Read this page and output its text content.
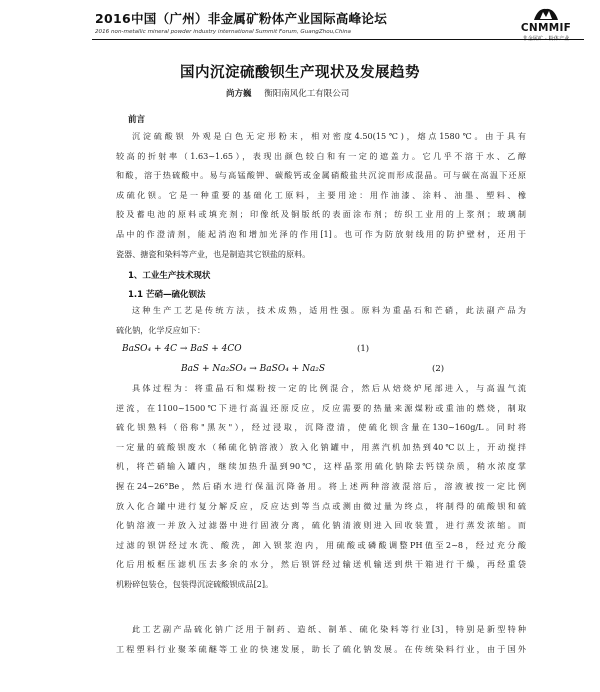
2016中国（广州）非金属矿粉体产业国际高峰论坛
2016 non-metallic mineral powder industry international Summit Forum, GuangZhou,China	CNMMIF
非金属矿 · 粉体产业
国内沉淀硫酸钡生产现状及发展趋势
尚方巍 衡阳南风化工有限公司
前言
沉淀硫酸钡 外观是白色无定形粉末，相对密度4.50(15℃)，熔点1580℃。由于具有
较高的折射率（1.63~1.65），表现出颜色较白和有一定的遮盖力。它几乎不溶于水、乙醇
和酸，溶于热硫酸中。易与高锰酸钾、碳酸钙或金属硝酸盐共沉淀而形成混晶。可与碳在高温下还原
成硫化钡。它是一种重要的基础化工原料，主要用途：用作油漆、涂料、油墨、塑料、橡
胶及蓄电池的原料或填充剂；印像纸及铜版纸的表面涂布剂；纺织工业用的上浆剂；玻璃制
品中的作澄清剂，能起消泡和增加光泽的作用[1]。也可作为防放射线用的防护壁材，还用于
瓷器、搪瓷和染料等产业，也是制造其它钡盐的原料。
1、工业生产技术现状
1.1 芒硝—硫化钡法
这种生产工艺是传统方法，技术成熟，适用性强。原料为重晶石和芒硝，此法副产品为
硫化钠，化学反应如下：
BaSO₄ + 4C → BaS + 4CO	(1)
BaS + Na₂SO₄ → BaSO₄ + Na₂S	(2)
具体过程为：将重晶石和煤粉按一定的比例混合，然后从焙烧炉尾部进入，与高温气流
逆流，在1100~1500℃下进行高温还原反应，反应需要的热量来源煤粉或重油的燃烧，制取
硫化钡熟料（俗称"黑灰"），经过浸取，沉降澄清，使硫化钡含量在130~160g/L。同时将
一定量的硫酸钡废水（稀硫化钠溶液）放入化钠罐中，用蒸汽机加热到40℃以上，开动搅拌
机，将芒硝输入罐内，继续加热升温到90℃，这样晶浆用硫化钠除去钙镁杂质，稍水浓度掌
握在24~26°Be，然后硝水进行保温沉降备用。将上述两种溶液混溶后，溶液被按一定比例
放入化合罐中进行复分解反应，反应达到等当点或测由微过量为终点，将制得的硫酸钡和硫
化钠溶液一并放入过滤器中进行固液分离，硫化钠清液则进入回收装置，进行蒸发浓缩。而
过滤的钡饼经过水洗、酸洗，卸入钡浆泡内，用硫酸或磷酸调整PH值至2~8，经过充分酸
化后用板框压滤机压去多余的水分，然后钡饼经过输送机输送到烘干箱进行干燥，再经重袋
机粉碎包装仓，包装得沉淀硫酸钡成品[2]。
此工艺副产品硫化钠广泛用于制药、造纸、制革、硫化染料等行业[3]，特别是新型特种
工程塑料行业聚苯硫醚等工业的快速发展，助长了硫化钠发展。在传统染料行业，由于国外
